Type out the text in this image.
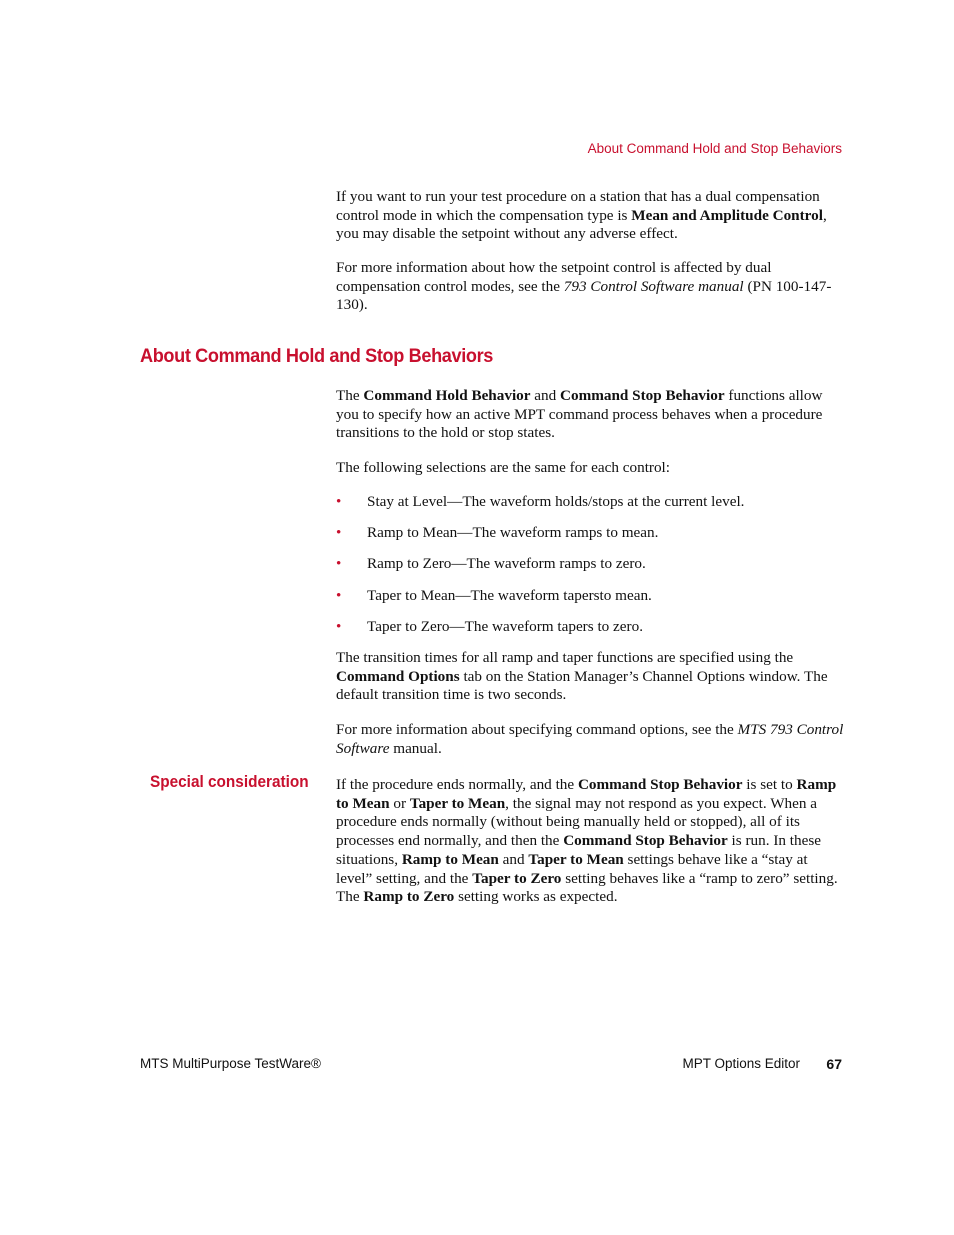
About Command Hold and Stop Behaviors

If you want to run your test procedure on a station that has a dual compensation control mode in which the compensation type is Mean and Amplitude Control, you may disable the setpoint without any adverse effect.

For more information about how the setpoint control is affected by dual compensation control modes, see the 793 Control Software manual (PN 100-147-130).

About Command Hold and Stop Behaviors

The Command Hold Behavior and Command Stop Behavior functions allow you to specify how an active MPT command process behaves when a procedure transitions to the hold or stop states.

The following selections are the same for each control:
• Stay at Level—The waveform holds/stops at the current level.
• Ramp to Mean—The waveform ramps to mean.
• Ramp to Zero—The waveform ramps to zero.
• Taper to Mean—The waveform tapersto mean.
• Taper to Zero—The waveform tapers to zero.

The transition times for all ramp and taper functions are specified using the Command Options tab on the Station Manager’s Channel Options window. The default transition time is two seconds.

For more information about specifying command options, see the MTS 793 Control Software manual.

Special consideration If the procedure ends normally, and the Command Stop Behavior is set to Ramp to Mean or Taper to Mean, the signal may not respond as you expect. When a procedure ends normally (without being manually held or stopped), all of its processes end normally, and then the Command Stop Behavior is run. In these situations, Ramp to Mean and Taper to Mean settings behave like a “stay at level” setting, and the Taper to Zero setting behaves like a “ramp to zero” setting. The Ramp to Zero setting works as expected.

MTS MultiPurpose TestWare®	MPT Options Editor 67
